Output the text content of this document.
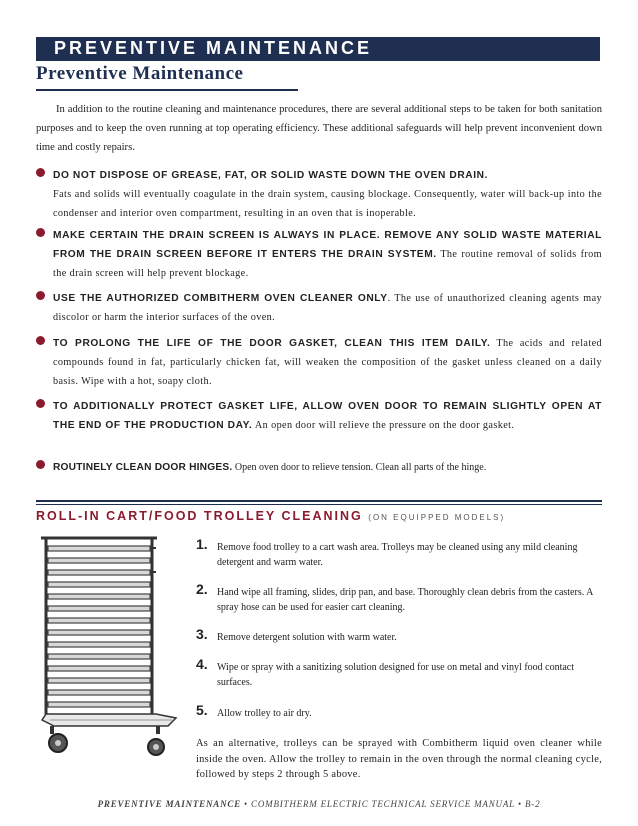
PREVENTIVE MAINTENANCE
Preventive Maintenance
In addition to the routine cleaning and maintenance procedures, there are several additional steps to be taken for both sanitation purposes and to keep the oven running at top operating efficiency. These additional safeguards will help prevent inconvenient down time and costly repairs.
DO NOT DISPOSE OF GREASE, FAT, OR SOLID WASTE DOWN THE OVEN DRAIN.
Fats and solids will eventually coagulate in the drain system, causing blockage. Consequently, water will back-up into the condenser and interior oven compartment, resulting in an oven that is inoperable.
MAKE CERTAIN THE DRAIN SCREEN IS ALWAYS IN PLACE. REMOVE ANY SOLID WASTE MATERIAL FROM THE DRAIN SCREEN BEFORE IT ENTERS THE DRAIN SYSTEM. The routine removal of solids from the drain screen will help prevent blockage.
USE THE AUTHORIZED COMBITHERM OVEN CLEANER ONLY. The use of unauthorized cleaning agents may discolor or harm the interior surfaces of the oven.
TO PROLONG THE LIFE OF THE DOOR GASKET, CLEAN THIS ITEM DAILY. The acids and related compounds found in fat, particularly chicken fat, will weaken the composition of the gasket unless cleaned on a daily basis. Wipe with a hot, soapy cloth.
TO ADDITIONALLY PROTECT GASKET LIFE, ALLOW OVEN DOOR TO REMAIN SLIGHTLY OPEN AT THE END OF THE PRODUCTION DAY. An open door will relieve the pressure on the door gasket.
ROUTINELY CLEAN DOOR HINGES. Open oven door to relieve tension. Clean all parts of the hinge.
ROLL-IN CART/FOOD TROLLEY CLEANING (ON EQUIPPED MODELS)
1. Remove food trolley to a cart wash area. Trolleys may be cleaned using any mild cleaning detergent and warm water.
2. Hand wipe all framing, slides, drip pan, and base. Thoroughly clean debris from the casters. A spray hose can be used for easier cart cleaning.
3. Remove detergent solution with warm water.
4. Wipe or spray with a sanitizing solution designed for use on metal and vinyl food contact surfaces.
5. Allow trolley to air dry.
As an alternative, trolleys can be sprayed with Combitherm liquid oven cleaner while inside the oven. Allow the trolley to remain in the oven through the normal cleaning cycle, followed by steps 2 through 5 above.
PREVENTIVE MAINTENANCE • COMBITHERM ELECTRIC TECHNICAL SERVICE MANUAL • B-2
